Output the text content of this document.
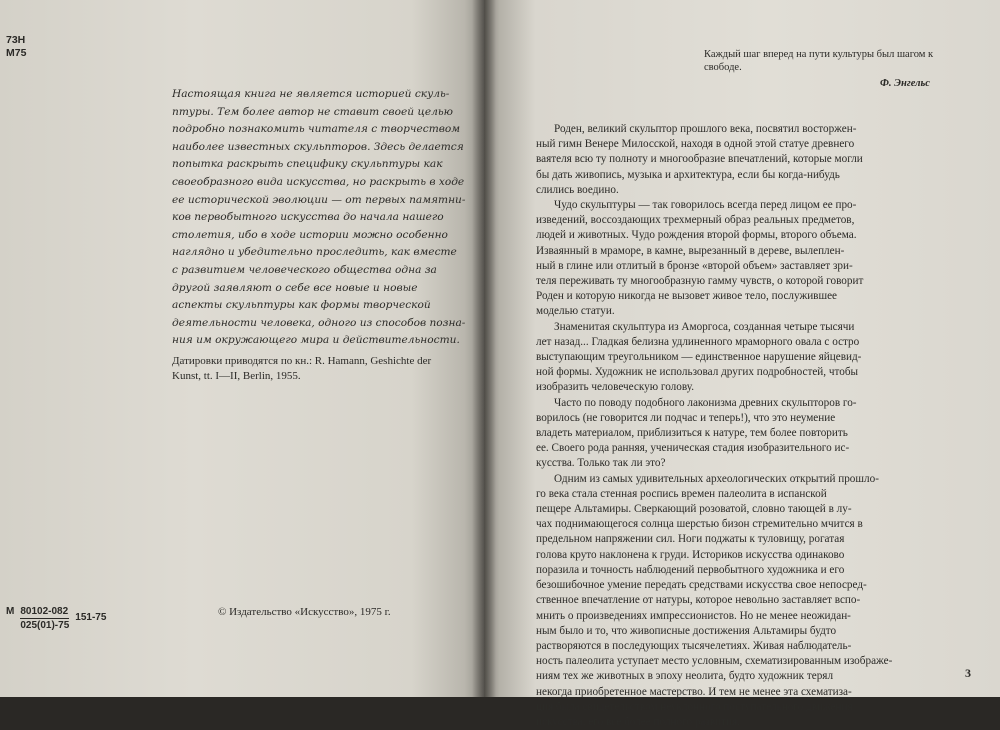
73Н
М75
Настоящая книга не является историей скуль-
птуры. Тем более автор не ставит своей целью
подробно познакомить читателя с творчеством
наиболее известных скульпторов. Здесь делается
попытка раскрыть специфику скульптуры как
своеобразного вида искусства, но раскрыть в ходе
ее исторической эволюции — от первых памятни-
ков первобытного искусства до начала нашего
столетия, ибо в ходе истории можно особенно
наглядно и убедительно проследить, как вместе
с развитием человеческого общества одна за
другой заявляют о себе все новые и новые
аспекты скульптуры как формы творческой
деятельности человека, одного из способов позна-
ния им окружающего мира и действительности.
Датировки приводятся по кн.: R. Hamann, Geshichte der Kunst, tt. I—II, Berlin, 1955.
М $\frac{80102-082}{025(01)-75} 151-75$	© Издательство «Искусство», 1975 г.
Каждый шаг вперед на пути культуры был шагом к свободе.
Ф. Энгельс
Роден, великий скульптор прошлого века, посвятил восторжен-
ный гимн Венере Милосской, находя в одной этой статуе древнего
ваятеля всю ту полноту и многообразие впечатлений, которые могли
бы дать живопись, музыка и архитектура, если бы когда-нибудь
слились воедино.
Чудо скульптуры — так говорилось всегда перед лицом ее про-
изведений, воссоздающих трехмерный образ реальных предметов,
людей и животных. Чудо рождения второй формы, второго объема.
Изваянный в мраморе, в камне, вырезанный в дереве, вылеплен-
ный в глине или отлитый в бронзе «второй объем» заставляет зри-
теля переживать ту многообразную гамму чувств, о которой говорит
Роден и которую никогда не вызовет живое тело, послужившее
моделью статуи.
Знаменитая скульптура из Аморгоса, созданная четыре тысячи
лет назад... Гладкая белизна удлиненного мраморного овала с остро
выступающим треугольником — единственное нарушение яйцевид-
ной формы. Художник не использовал других подробностей, чтобы
изобразить человеческую голову.
Часто по поводу подобного лаконизма древних скульпторов го-
ворилось (не говорится ли подчас и теперь!), что это неумение
владеть материалом, приблизиться к натуре, тем более повторить
ее. Своего рода ранняя, ученическая стадия изобразительного ис-
кусства. Только так ли это?
Одним из самых удивительных археологических открытий прошло-
го века стала стенная роспись времен палеолита в испанской
пещере Альтамиры. Сверкающий розоватой, словно тающей в лу-
чах поднимающегося солнца шерстью бизон стремительно мчится в
предельном напряжении сил. Ноги поджаты к туловищу, рогатая
голова круто наклонена к груди. Историков искусства одинаково
поразила и точность наблюдений первобытного художника и его
безошибочное умение передать средствами искусства свое непосред-
ственное впечатление от натуры, которое невольно заставляет вспо-
мнить о произведениях импрессионистов. Но не менее неожидан-
ным было и то, что живописные достижения Альтамиры будто
растворяются в последующих тысячелетиях. Живая наблюдатель-
ность палеолита уступает место условным, схематизированным изображе-
ниям тех же животных в эпоху неолита, будто художник терял
некогда приобретенное мастерство. И тем не менее эта схематиза-
ция была свидетельством неуклонного поступательного движения
искусства, его все более полного развития.
3
